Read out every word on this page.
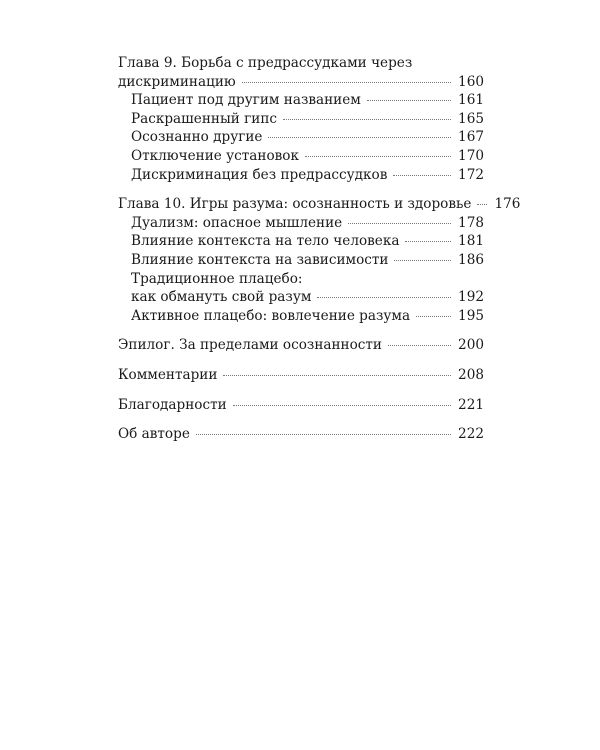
Глава 9. Борьба с предрассудками через
дискриминацию	160
Пациент под другим названием	161
Раскрашенный гипс	165
Осознанно другие	167
Отключение установок	170
Дискриминация без предрассудков	172
Глава 10. Игры разума: осознанность и здоровье 176
Дуализм: опасное мышление	178
Влияние контекста на тело человека	181
Влияние контекста на зависимости	186
Традиционное плацебо:
как обмануть свой разум	192
Активное плацебо: вовлечение разума	195
Эпилог. За пределами осознанности	200
Комментарии	208
Благодарности	221
Об авторе	222
